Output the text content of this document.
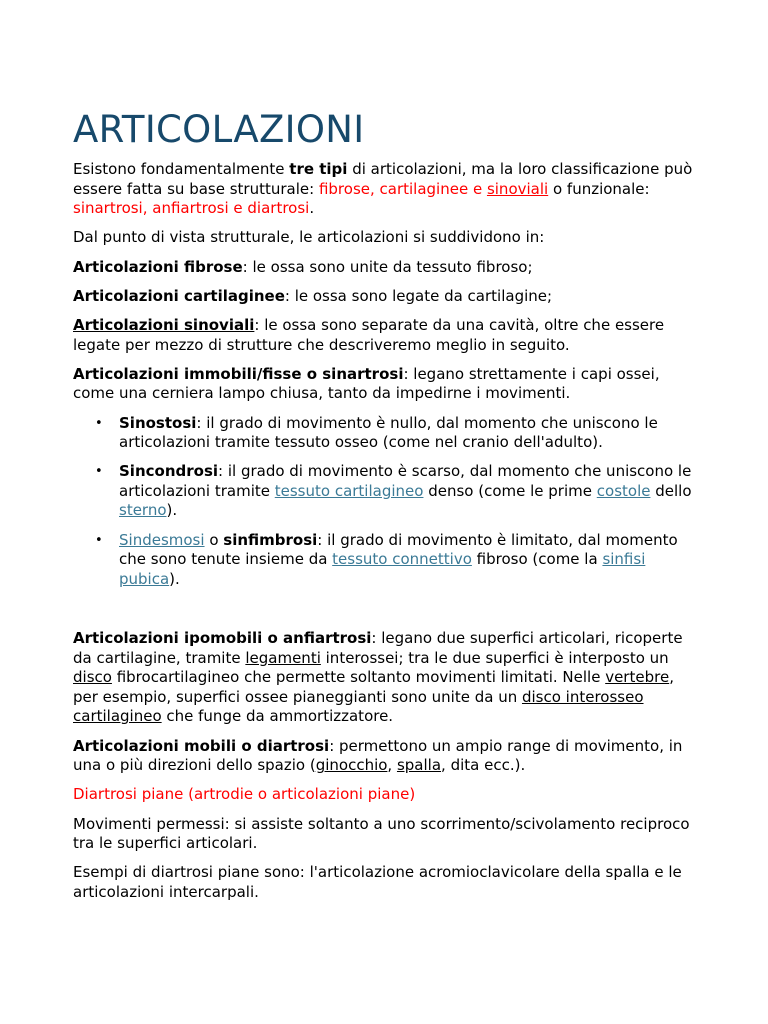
ARTICOLAZIONI

Esistono fondamentalmente tre tipi di articolazioni, ma la loro classificazione può essere fatta su base strutturale: fibrose, cartilaginee e sinoviali o funzionale: sinartrosi, anfiartrosi e diartrosi.

Dal punto di vista strutturale, le articolazioni si suddividono in:

Articolazioni fibrose: le ossa sono unite da tessuto fibroso;

Articolazioni cartilaginee: le ossa sono legate da cartilagine;

Articolazioni sinoviali: le ossa sono separate da una cavità, oltre che essere legate per mezzo di strutture che descriveremo meglio in seguito.

Articolazioni immobili/fisse o sinartrosi: legano strettamente i capi ossei, come una cerniera lampo chiusa, tanto da impedirne i movimenti.

• Sinostosi: il grado di movimento è nullo, dal momento che uniscono le articolazioni tramite tessuto osseo (come nel cranio dell'adulto).
• Sincondrosi: il grado di movimento è scarso, dal momento che uniscono le articolazioni tramite tessuto cartilagineo denso (come le prime costole dello sterno).
• Sindesmosi o sinfimbrosi: il grado di movimento è limitato, dal momento che sono tenute insieme da tessuto connettivo fibroso (come la sinfisi pubica).

Articolazioni ipomobili o anfiartrosi: legano due superfici articolari, ricoperte da cartilagine, tramite legamenti interossei; tra le due superfici è interposto un disco fibrocartilagineo che permette soltanto movimenti limitati. Nelle vertebre, per esempio, superfici ossee pianeggianti sono unite da un disco interosseo cartilagineo che funge da ammortizzatore.

Articolazioni mobili o diartrosi: permettono un ampio range di movimento, in una o più direzioni dello spazio (ginocchio, spalla, dita ecc.).

Diartrosi piane (artrodie o articolazioni piane)

Movimenti permessi: si assiste soltanto a uno scorrimento/scivolamento reciproco tra le superfici articolari.

Esempi di diartrosi piane sono: l'articolazione acromioclavicolare della spalla e le articolazioni intercarpali.
